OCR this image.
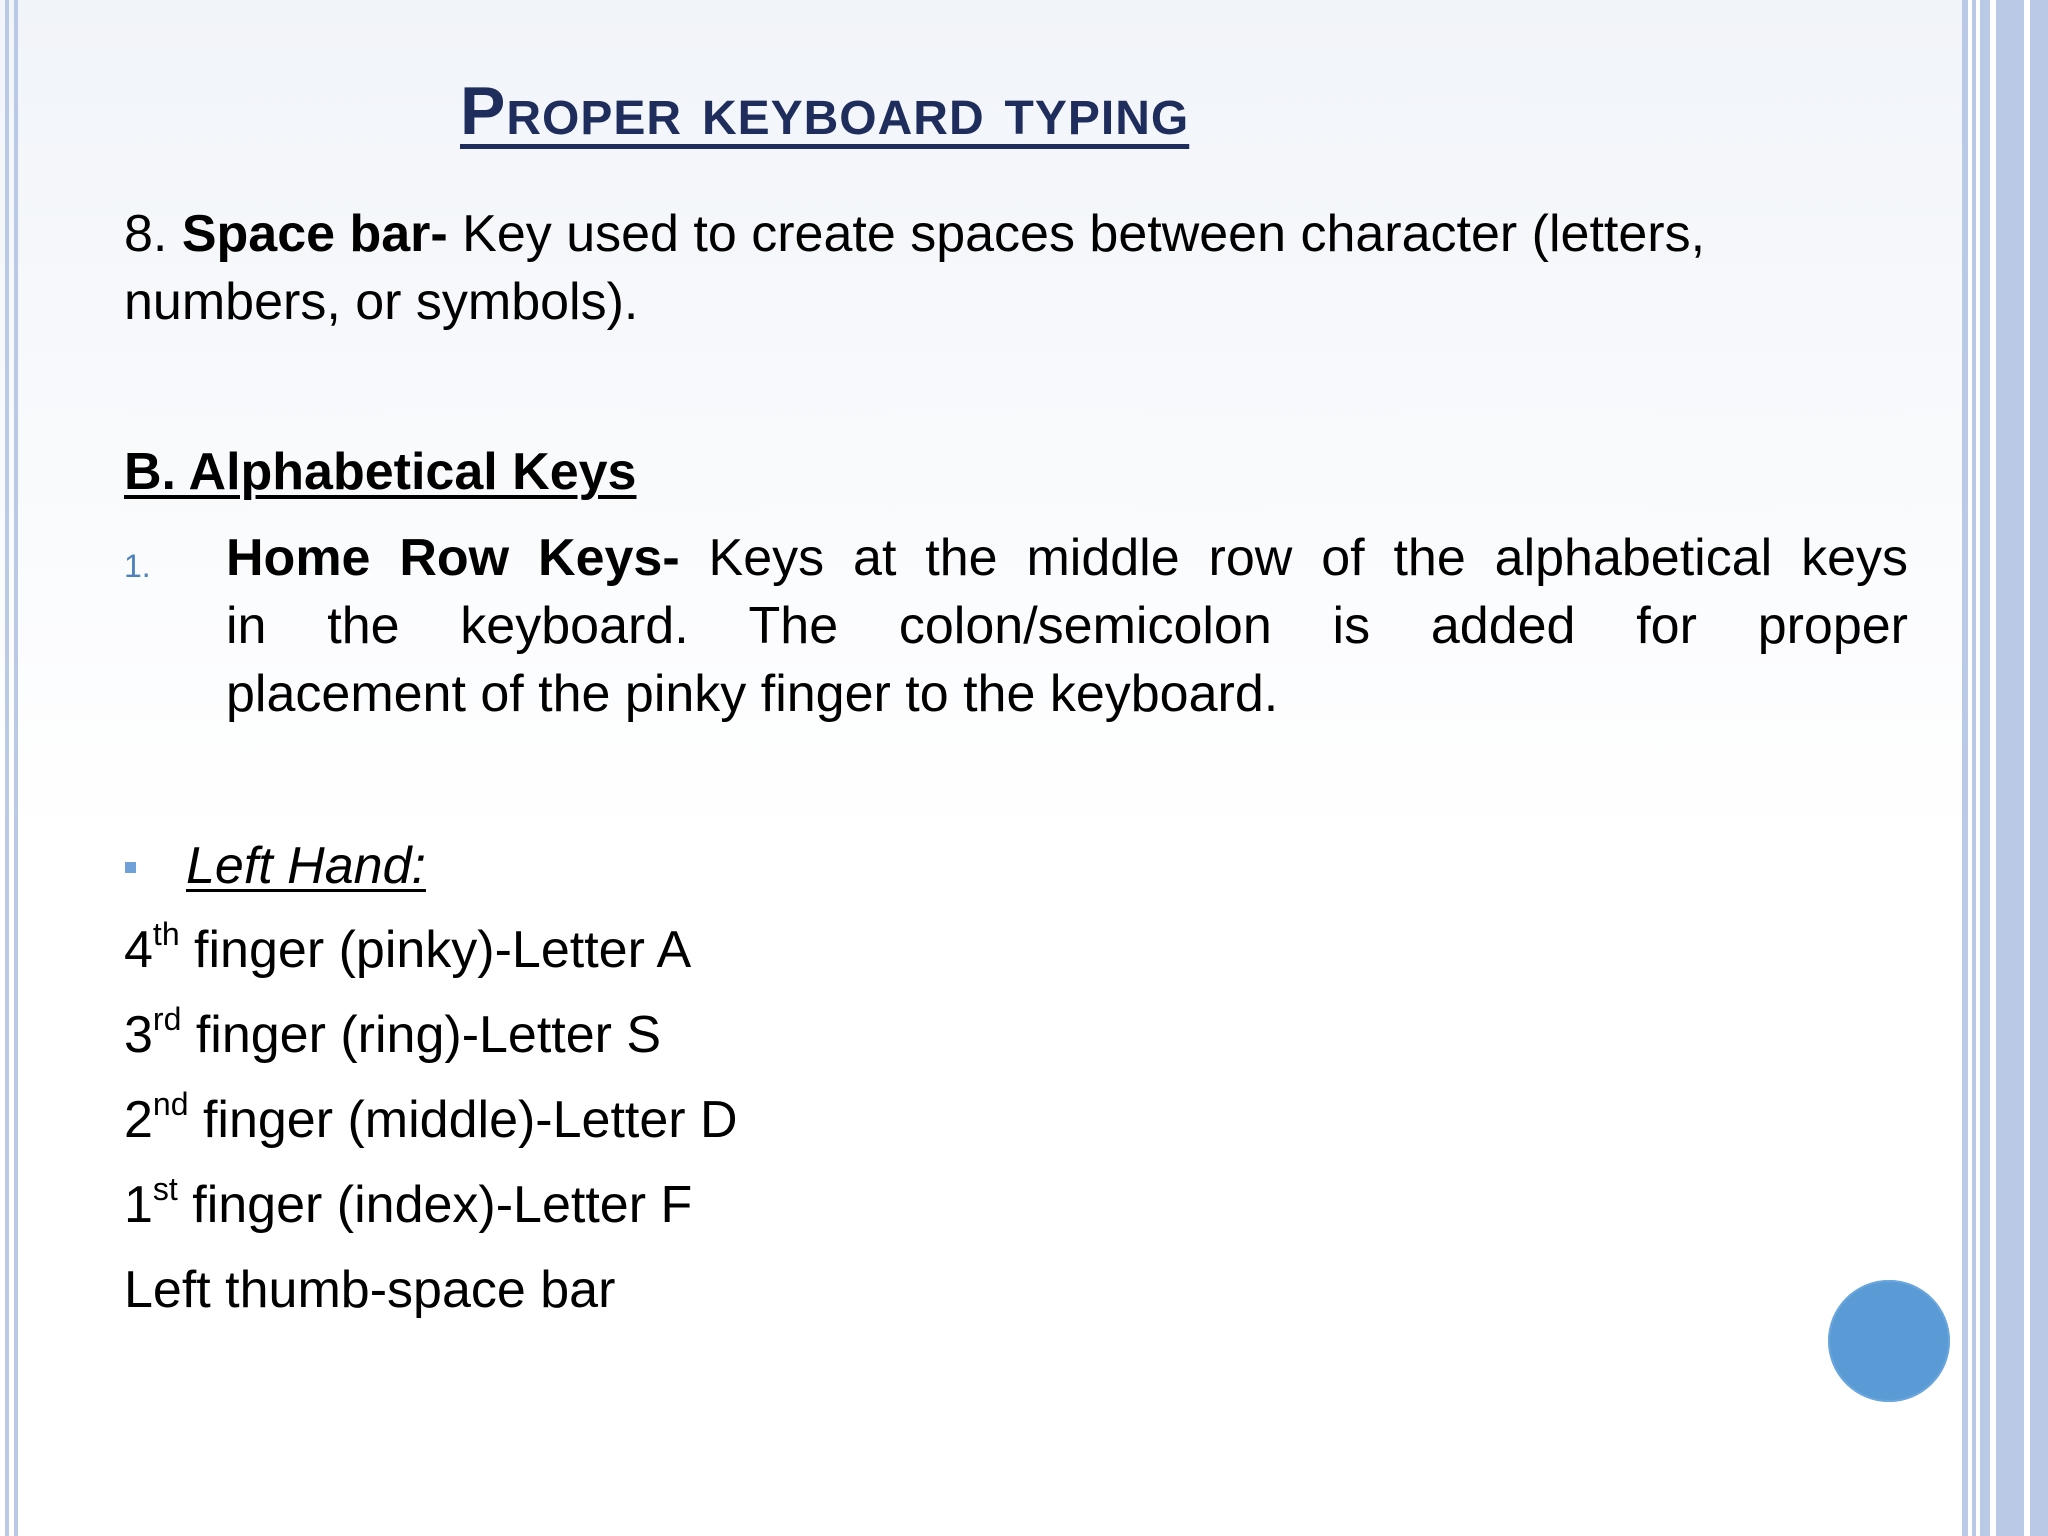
Proper keyboard typing

8. Space bar- Key used to create spaces between character (letters,
numbers, or symbols).

B. Alphabetical Keys

1. Home Row Keys- Keys at the middle row of the alphabetical keys
in the keyboard. The colon/semicolon is added for proper
placement of the pinky finger to the keyboard.

Left Hand:

4th finger (pinky)-Letter A
3rd finger (ring)-Letter S
2nd finger (middle)-Letter D
1st finger (index)-Letter F
Left thumb-space bar
